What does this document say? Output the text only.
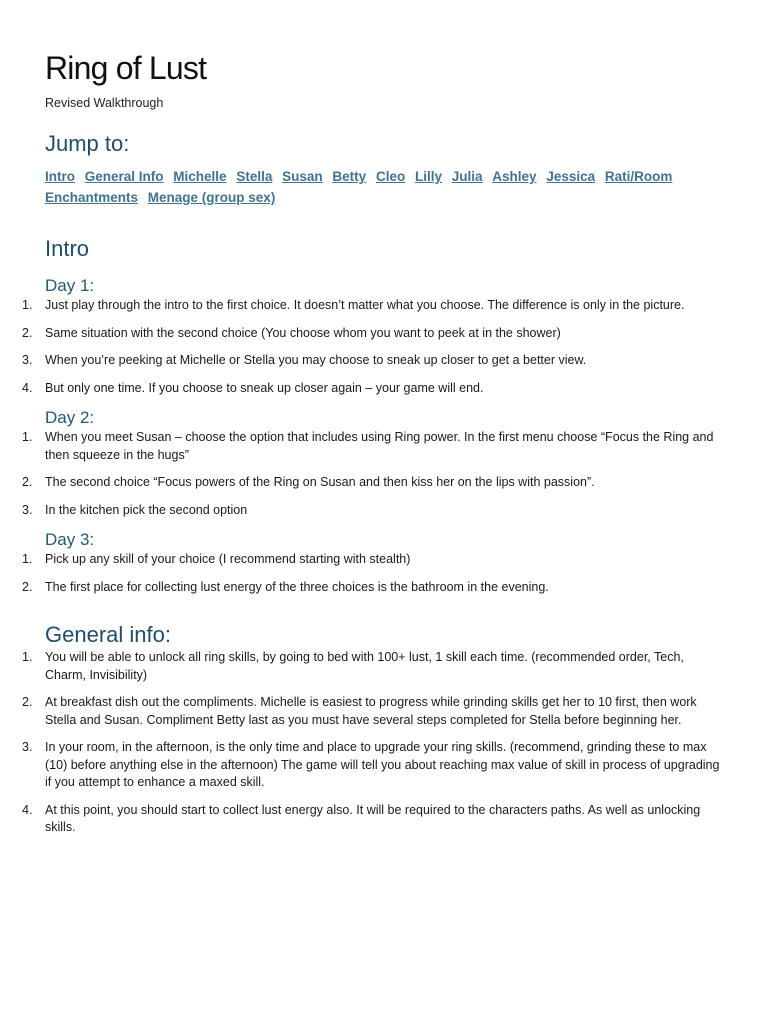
Ring of Lust

Revised Walkthrough

Jump to:
Intro General Info Michelle Stella Susan Betty Cleo Lilly Julia Ashley Jessica Rati/Room Enchantments Menage (group sex)
Intro
Day 1:
1.	Just play through the intro to the first choice. It doesn’t matter what you choose. The difference is only in the picture.
2.	Same situation with the second choice (You choose whom you want to peek at in the shower)
3.	When you’re peeking at Michelle or Stella you may choose to sneak up closer to get a better view.
4.	But only one time. If you choose to sneak up closer again – your game will end.
Day 2:
1.	When you meet Susan – choose the option that includes using Ring power. In the first menu choose “Focus the Ring and then squeeze in the hugs”
2.	The second choice “Focus powers of the Ring on Susan and then kiss her on the lips with passion”.
3.	In the kitchen pick the second option
Day 3:
1.	Pick up any skill of your choice (I recommend starting with stealth)
2.	The first place for collecting lust energy of the three choices is the bathroom in the evening.
General info:
1.	You will be able to unlock all ring skills, by going to bed with 100+ lust, 1 skill each time. (recommended order, Tech, Charm, Invisibility)
2.	At breakfast dish out the compliments. Michelle is easiest to progress while grinding skills get her to 10 first, then work Stella and Susan. Compliment Betty last as you must have several steps completed for Stella before beginning her.
3.	In your room, in the afternoon, is the only time and place to upgrade your ring skills. (recommend, grinding these to max (10) before anything else in the afternoon) The game will tell you about reaching max value of skill in process of upgrading if you attempt to enhance a maxed skill.
4.	At this point, you should start to collect lust energy also. It will be required to the characters paths. As well as unlocking skills.
